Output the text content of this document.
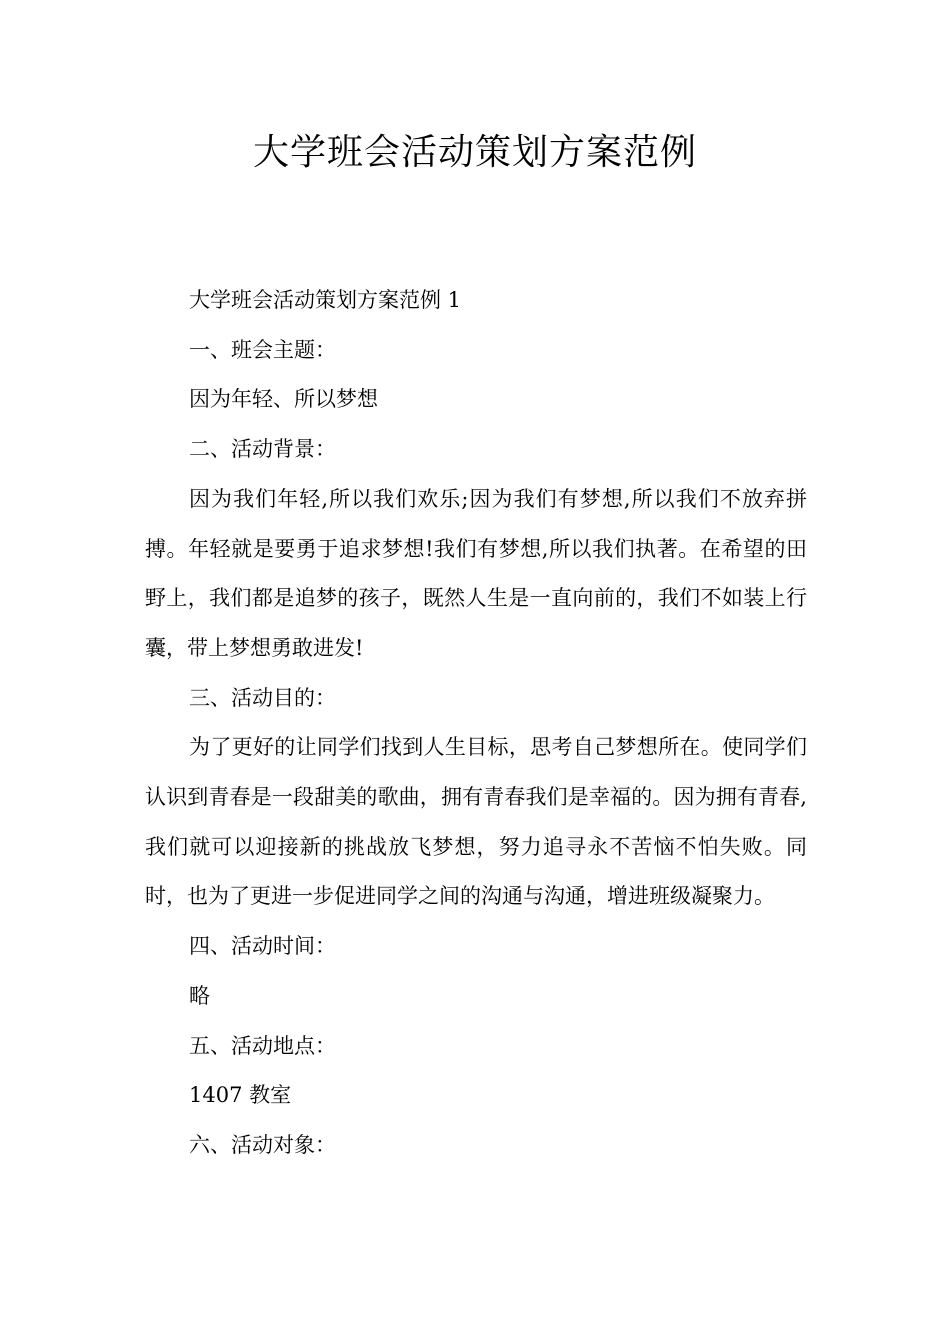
大学班会活动策划方案范例

大学班会活动策划方案范例 1

一、班会主题：

因为年轻、所以梦想

二、活动背景：

因为我们年轻,所以我们欢乐;因为我们有梦想,所以我们不放弃拼搏。年轻就是要勇于追求梦想!我们有梦想,所以我们执著。在希望的田野上，我们都是追梦的孩子，既然人生是一直向前的，我们不如装上行囊，带上梦想勇敢进发!

三、活动目的：

为了更好的让同学们找到人生目标，思考自己梦想所在。使同学们认识到青春是一段甜美的歌曲，拥有青春我们是幸福的。因为拥有青春,我们就可以迎接新的挑战放飞梦想，努力追寻永不苦恼不怕失败。同时，也为了更进一步促进同学之间的沟通与沟通，增进班级凝聚力。

四、活动时间：

略

五、活动地点：

1407 教室

六、活动对象：
